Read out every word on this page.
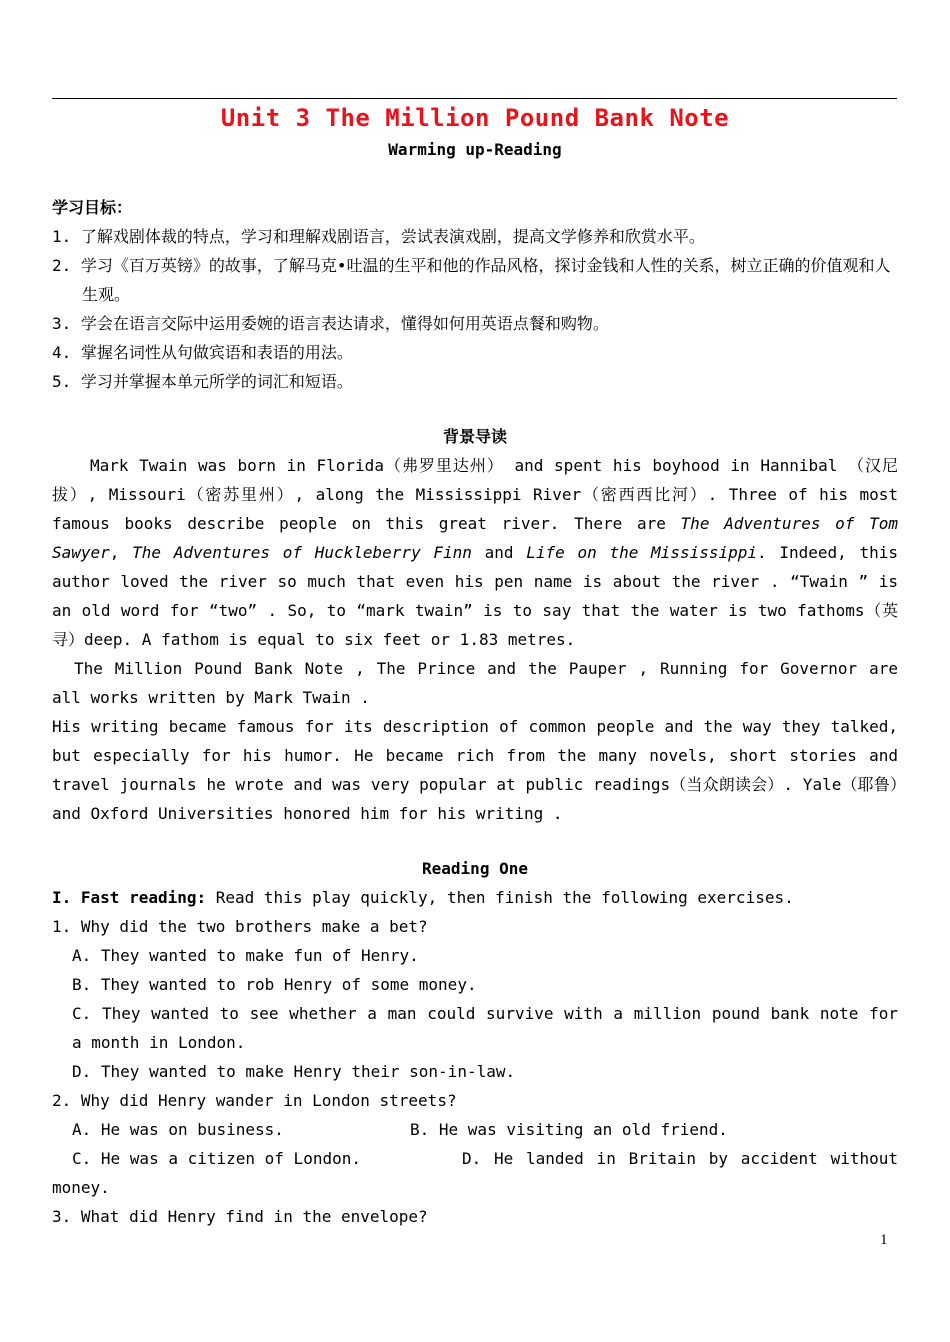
Unit 3 The Million Pound Bank Note
Warming up-Reading
学习目标：
1. 了解戏剧体裁的特点，学习和理解戏剧语言，尝试表演戏剧，提高文学修养和欣赏水平。
2. 学习《百万英镑》的故事，了解马克•吐温的生平和他的作品风格，探讨金钱和人性的关系，树立正确的价值观和人生观。
3. 学会在语言交际中运用委婉的语言表达请求，懂得如何用英语点餐和购物。
4. 掌握名词性从句做宾语和表语的用法。
5. 学习并掌握本单元所学的词汇和短语。
背景导读
Mark Twain was born in Florida（弗罗里达州） and spent his boyhood in Hannibal （汉尼拔）, Missouri（密苏里州）, along the Mississippi River（密西西比河）. Three of his most famous books describe people on this great river. There are The Adventures of Tom Sawyer, The Adventures of Huckleberry Finn and Life on the Mississippi. Indeed, this author loved the river so much that even his pen name is about the river . “Twain ” is an old word for “two” . So, to “mark twain” is to say that the water is two fathoms（英寻）deep. A fathom is equal to six feet or 1.83 metres.
The Million Pound Bank Note , The Prince and the Pauper , Running for Governor are all works written by Mark Twain .
His writing became famous for its description of common people and the way they talked, but especially for his humor. He became rich from the many novels, short stories and travel journals he wrote and was very popular at public readings（当众朗读会）. Yale（耶鲁）and Oxford Universities honored him for his writing .
Reading One
I. Fast reading: Read this play quickly, then finish the following exercises.
1. Why did the two brothers make a bet?
A. They wanted to make fun of Henry.
B. They wanted to rob Henry of some money.
C. They wanted to see whether a man could survive with a million pound bank note for a month in London.
D. They wanted to make Henry their son-in-law.
2. Why did Henry wander in London streets?
A. He was on business.	B. He was visiting an old friend.
C. He was a citizen of London.	D. He landed in Britain by accident without money.
3. What did Henry find in the envelope?
1
